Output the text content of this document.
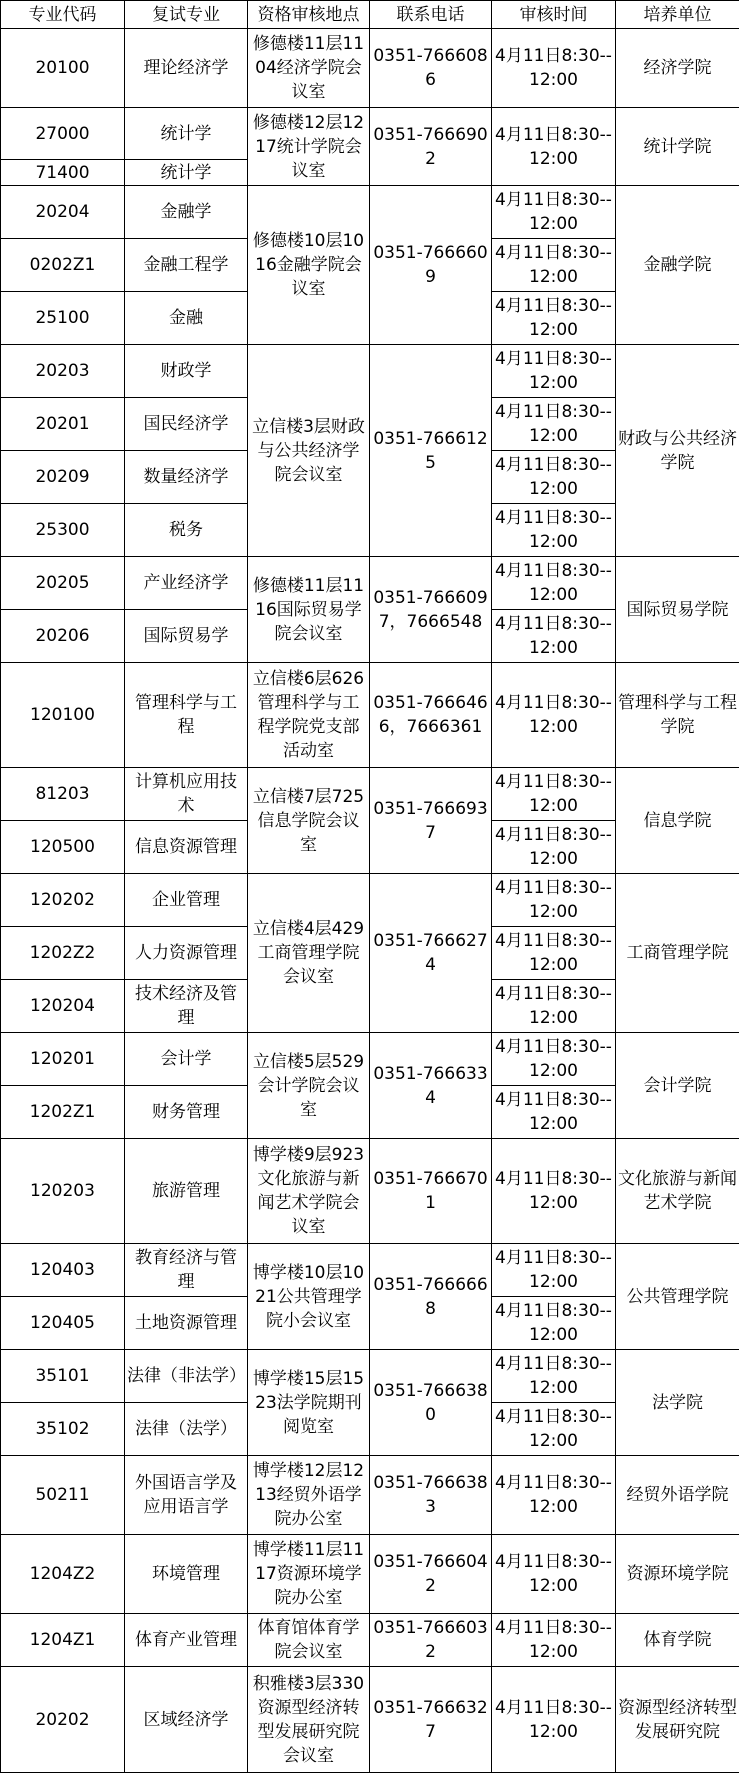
专业代码	复试专业	资格审核地点	联系电话	审核时间	培养单位
20100	理论经济学	修德楼11层1104经济学院会议室	0351-7666086	4月11日8:30--12:00	经济学院
27000	统计学	修德楼12层1217统计学院会议室	0351-7666902	4月11日8:30--12:00	统计学院
71400	统计学				
20204	金融学	修德楼10层1016金融学院会议室	0351-7666609	4月11日8:30--12:00	金融学院
0202Z1	金融工程学			4月11日8:30--12:00	
25100	金融			4月11日8:30--12:00	
20203	财政学	立信楼3层财政与公共经济学院会议室	0351-7666125	4月11日8:30--12:00	财政与公共经济学院
20201	国民经济学			4月11日8:30--12:00	
20209	数量经济学			4月11日8:30--12:00	
25300	税务			4月11日8:30--12:00	
20205	产业经济学	修德楼11层1116国际贸易学院会议室	0351-7666097，7666548	4月11日8:30--12:00	国际贸易学院
20206	国际贸易学			4月11日8:30--12:00	
120100	管理科学与工程	立信楼6层626管理科学与工程学院党支部活动室	0351-7666466，7666361	4月11日8:30--12:00	管理科学与工程学院
81203	计算机应用技术	立信楼7层725信息学院会议室	0351-7666937	4月11日8:30--12:00	信息学院
120500	信息资源管理			4月11日8:30--12:00	
120202	企业管理	立信楼4层429工商管理学院会议室	0351-7666274	4月11日8:30--12:00	工商管理学院
1202Z2	人力资源管理			4月11日8:30--12:00	
120204	技术经济及管理			4月11日8:30--12:00	
120201	会计学	立信楼5层529会计学院会议室	0351-7666334	4月11日8:30--12:00	会计学院
1202Z1	财务管理			4月11日8:30--12:00	
120203	旅游管理	博学楼9层923文化旅游与新闻艺术学院会议室	0351-7666701	4月11日8:30--12:00	文化旅游与新闻艺术学院
120403	教育经济与管理	博学楼10层1021公共管理学院小会议室	0351-7666668	4月11日8:30--12:00	公共管理学院
120405	土地资源管理			4月11日8:30--12:00	
35101	法律（非法学）	博学楼15层1523法学院期刊阅览室	0351-7666380	4月11日8:30--12:00	法学院
35102	法律（法学）			4月11日8:30--12:00	
50211	外国语言学及应用语言学	博学楼12层1213经贸外语学院办公室	0351-7666383	4月11日8:30--12:00	经贸外语学院
1204Z2	环境管理	博学楼11层1117资源环境学院办公室	0351-7666042	4月11日8:30--12:00	资源环境学院
1204Z1	体育产业管理	体育馆体育学院会议室	0351-7666032	4月11日8:30--12:00	体育学院
20202	区域经济学	积雅楼3层330资源型经济转型发展研究院会议室	0351-7666327	4月11日8:30--12:00	资源型经济转型发展研究院
